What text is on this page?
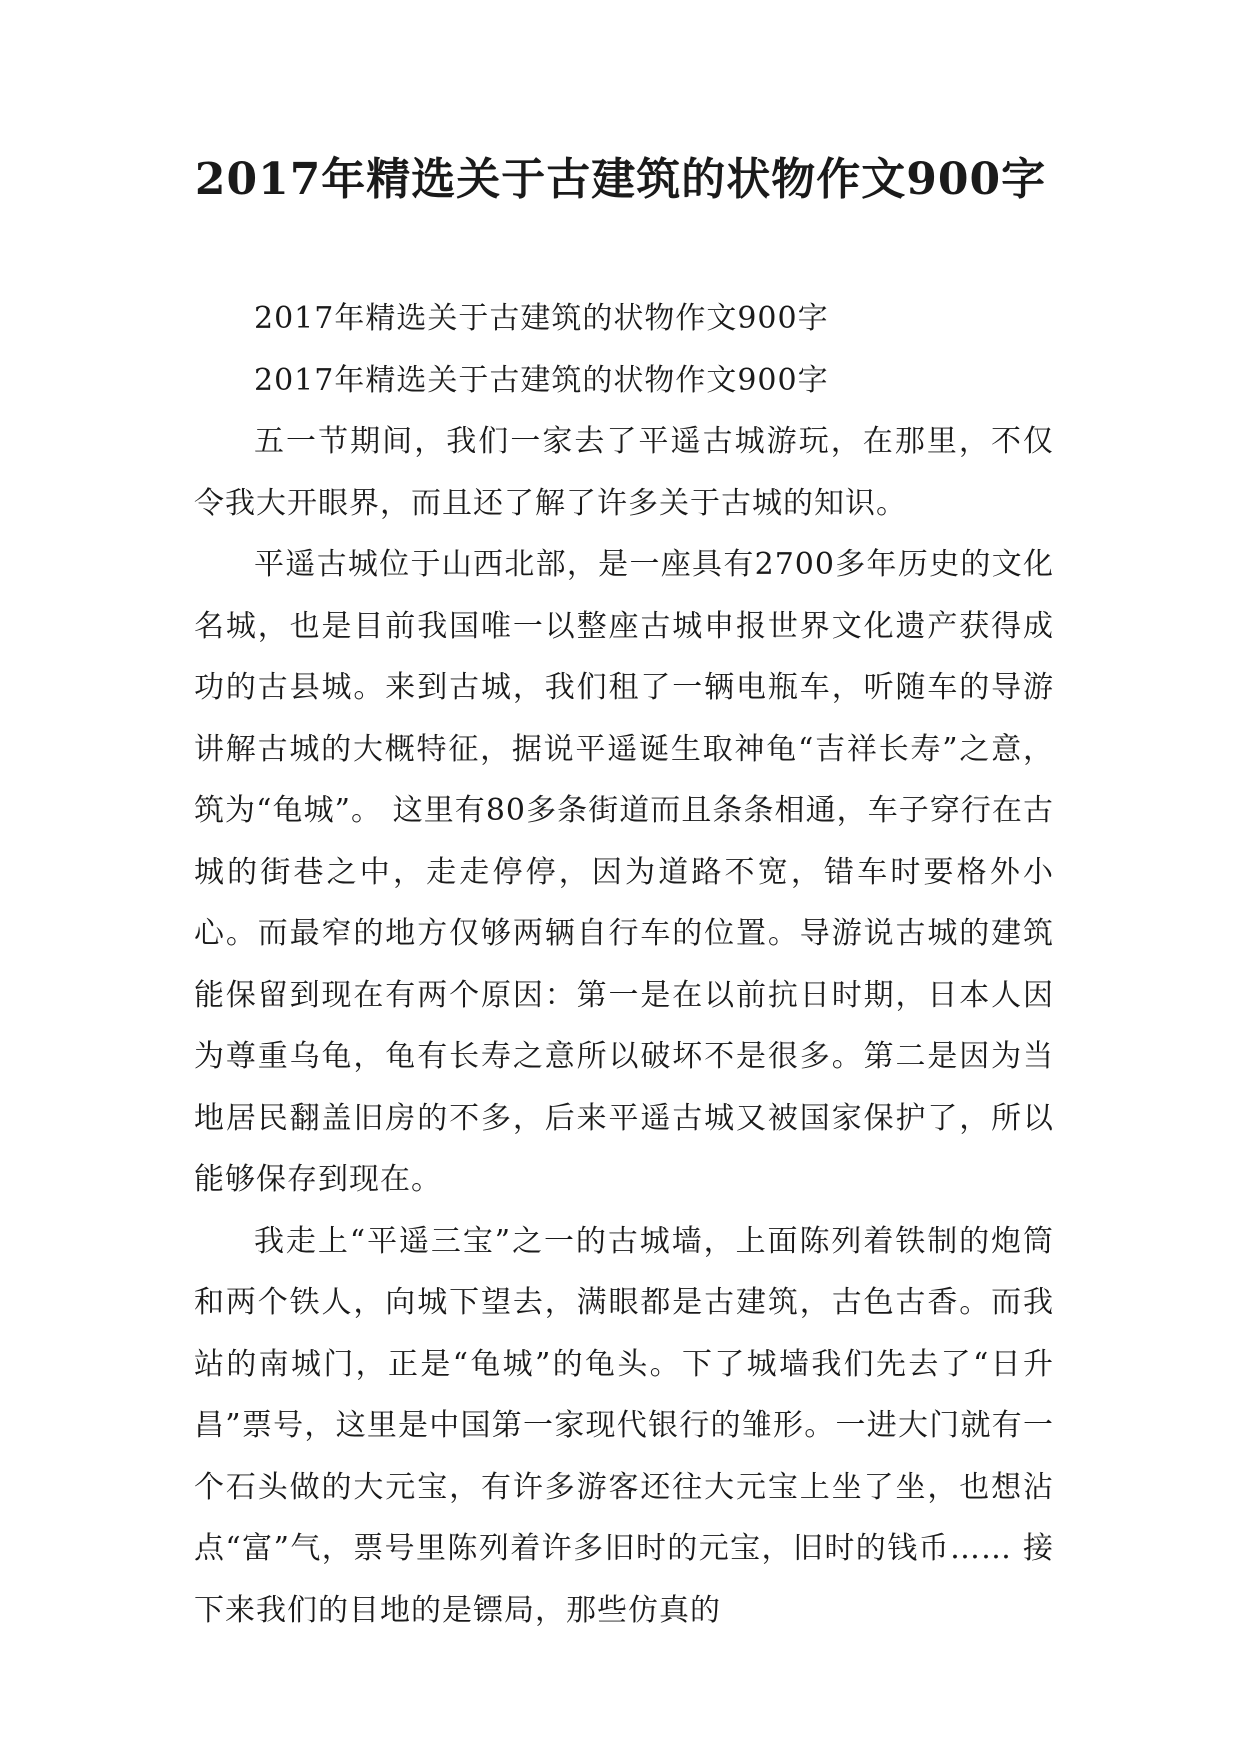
2017年精选关于古建筑的状物作文900字

2017年精选关于古建筑的状物作文900字

2017年精选关于古建筑的状物作文900字

五一节期间，我们一家去了平遥古城游玩，在那里，不仅令我大开眼界，而且还了解了许多关于古城的知识。

平遥古城位于山西北部，是一座具有2700多年历史的文化名城，也是目前我国唯一以整座古城申报世界文化遗产获得成功的古县城。来到古城，我们租了一辆电瓶车，听随车的导游讲解古城的大概特征，据说平遥诞生取神龟“吉祥长寿”之意，筑为“龟城”。 这里有80多条街道而且条条相通，车子穿行在古城的街巷之中，走走停停，因为道路不宽，错车时要格外小心。而最窄的地方仅够两辆自行车的位置。导游说古城的建筑能保留到现在有两个原因：第一是在以前抗日时期，日本人因为尊重乌龟，龟有长寿之意所以破坏不是很多。第二是因为当地居民翻盖旧房的不多，后来平遥古城又被国家保护了，所以能够保存到现在。

我走上“平遥三宝”之一的古城墙，上面陈列着铁制的炮筒和两个铁人，向城下望去，满眼都是古建筑，古色古香。而我站的南城门，正是“龟城”的龟头。下了城墙我们先去了“日升昌”票号，这里是中国第一家现代银行的雏形。一进大门就有一个石头做的大元宝，有许多游客还往大元宝上坐了坐，也想沾点“富”气，票号里陈列着许多旧时的元宝，旧时的钱币…… 接下来我们的目地的是镖局，那些仿真的
